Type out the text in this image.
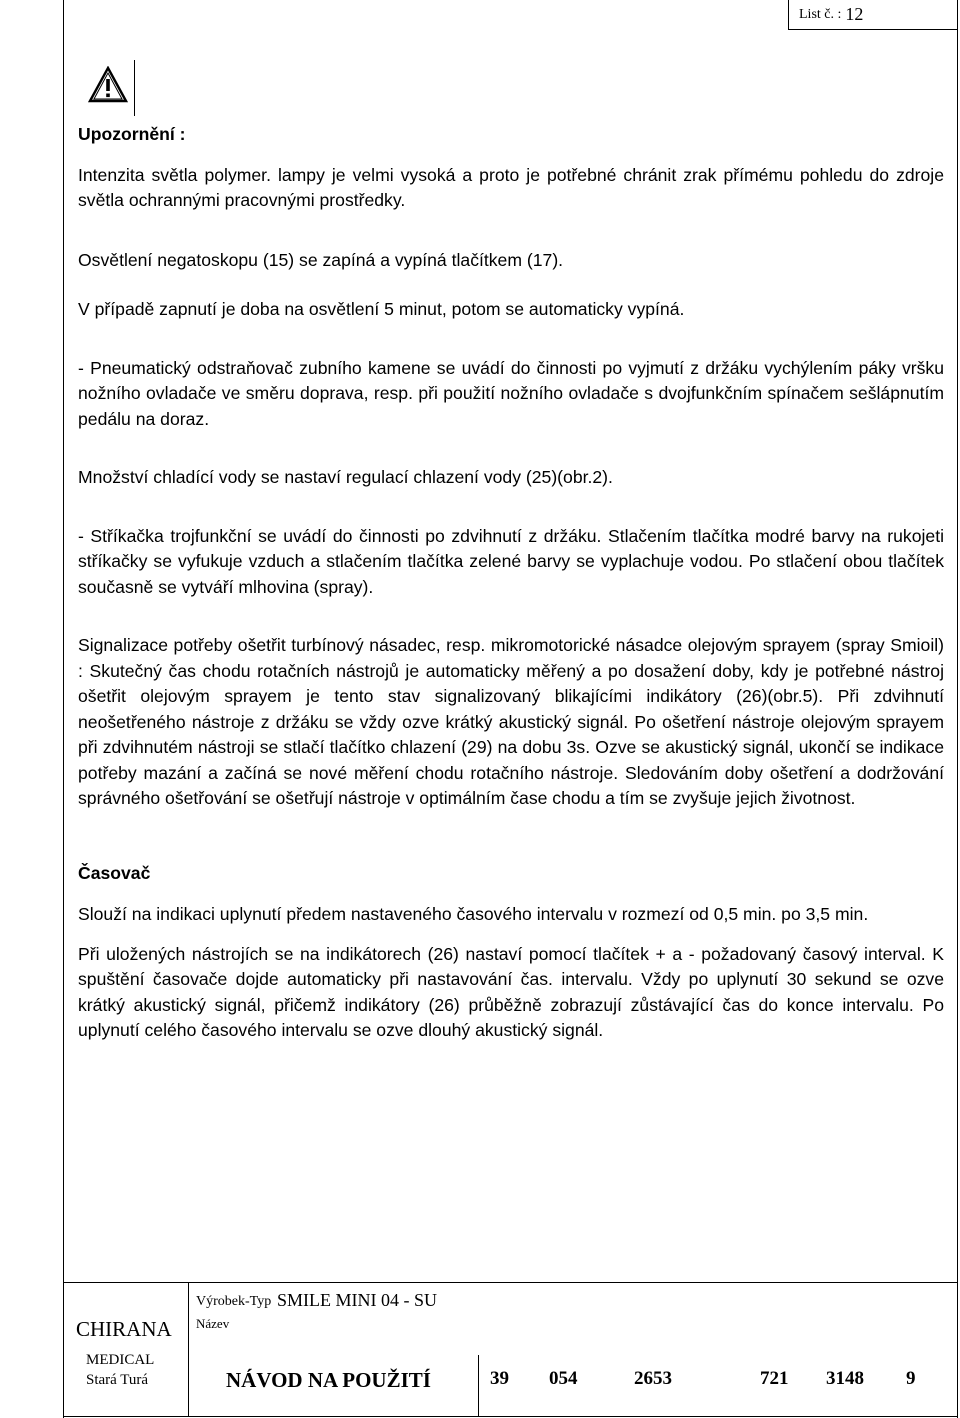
List č. : 12

Upozornění :

Intenzita světla polymer. lampy je velmi vysoká a proto je potřebné chránit zrak přímému pohledu do zdroje světla ochrannými pracovnými prostředky.

Osvětlení negatoskopu (15) se zapíná a vypíná tlačítkem (17).

V případě zapnutí je doba na osvětlení 5 minut, potom se automaticky vypíná.

- Pneumatický odstraňovač zubního kamene se uvádí do činnosti po vyjmutí z držáku vychýlením páky vršku nožního ovladače ve směru doprava, resp. při použití nožního ovladače s dvojfunkčním spínačem sešlápnutím pedálu na doraz.

Množství chladící vody se nastaví regulací chlazení vody (25)(obr.2).

- Stříkačka trojfunkční se uvádí do činnosti po zdvihnutí z držáku. Stlačením tlačítka modré barvy na rukojeti stříkačky se vyfukuje vzduch a stlačením tlačítka zelené barvy se vyplachuje vodou. Po stlačení obou tlačítek současně se vytváří mlhovina (spray).

Signalizace potřeby ošetřit turbínový násadec, resp. mikromotorické násadce olejovým sprayem (spray Smioil) : Skutečný čas chodu rotačních nástrojů je automaticky měřený a po dosažení doby, kdy je potřebné nástroj ošetřit olejovým sprayem je tento stav signalizovaný blikajícími indikátory (26)(obr.5). Při zdvihnutí neošetřeného nástroje z držáku se vždy ozve krátký akustický signál. Po ošetření nástroje olejovým sprayem při zdvihnutém nástroji se stlačí tlačítko chlazení (29) na dobu 3s. Ozve se akustický signál, ukončí se indikace potřeby mazání a začíná se nové měření chodu rotačního nástroje. Sledováním doby ošetření a dodržování správného ošetřování se ošetřují nástroje v optimálním čase chodu a tím se zvyšuje jejich životnost.

Časovač

Slouží na indikaci uplynutí předem nastaveného časového intervalu v rozmezí od 0,5 min. po 3,5 min.

Při uložených nástrojích se na indikátorech (26) nastaví pomocí tlačítek + a - požadovaný časový interval. K spuštění časovače dojde automaticky při nastavování čas. intervalu. Vždy po uplynutí 30 sekund se ozve krátký akustický signál, přičemž indikátory (26) průběžně zobrazují zůstávající čas do konce intervalu. Po uplynutí celého časového intervalu se ozve dlouhý akustický signál.

CHIRANA
MEDICAL
Stará Turá
Výrobek-Typ SMILE MINI 04 - SU
Název
NÁVOD NA POUŽITÍ	39 054	2653	721 3148 9
